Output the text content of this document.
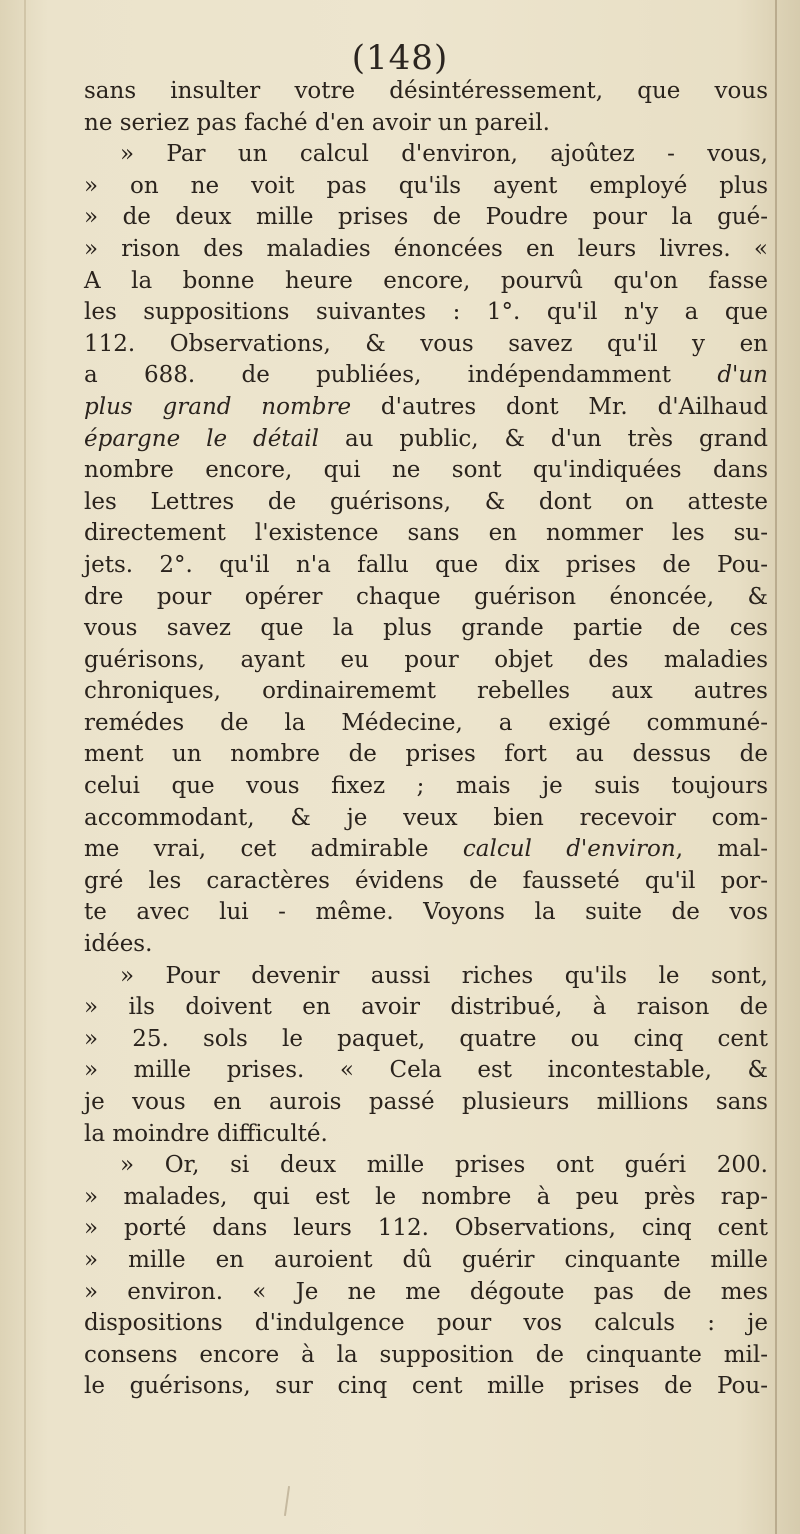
(148)
sans insulter votre désintéressement, que vous
ne seriez pas faché d'en avoir un pareil.
» Par un calcul d'environ, ajoûtez - vous,
» on ne voit pas qu'ils ayent employé plus
» de deux mille prises de Poudre pour la gué-
» rison des maladies énoncées en leurs livres. «
A la bonne heure encore, pourvû qu'on fasse
les suppositions suivantes : 1°. qu'il n'y a que
112. Observations, & vous savez qu'il y en
a 688. de publiées, indépendamment d'un
plus grand nombre d'autres dont Mr. d'Ailhaud
épargne le détail au public, & d'un très grand
nombre encore, qui ne sont qu'indiquées dans
les Lettres de guérisons, & dont on atteste
directement l'existence sans en nommer les su-
jets. 2°. qu'il n'a fallu que dix prises de Pou-
dre pour opérer chaque guérison énoncée, &
vous savez que la plus grande partie de ces
guérisons, ayant eu pour objet des maladies
chroniques, ordinairememt rebelles aux autres
remédes de la Médecine, a exigé communé-
ment un nombre de prises fort au dessus de
celui que vous fixez ; mais je suis toujours
accommodant, & je veux bien recevoir com-
me vrai, cet admirable calcul d'environ, mal-
gré les caractères évidens de fausseté qu'il por-
te avec lui - même. Voyons la suite de vos
idées.
» Pour devenir aussi riches qu'ils le sont,
» ils doivent en avoir distribué, à raison de
» 25. sols le paquet, quatre ou cinq cent
» mille prises. « Cela est incontestable, &
je vous en aurois passé plusieurs millions sans
la moindre difficulté.
» Or, si deux mille prises ont guéri 200.
» malades, qui est le nombre à peu près rap-
» porté dans leurs 112. Observations, cinq cent
» mille en auroient dû guérir cinquante mille
» environ. « Je ne me dégoute pas de mes
dispositions d'indulgence pour vos calculs : je
consens encore à la supposition de cinquante mil-
le guérisons, sur cinq cent mille prises de Pou-
